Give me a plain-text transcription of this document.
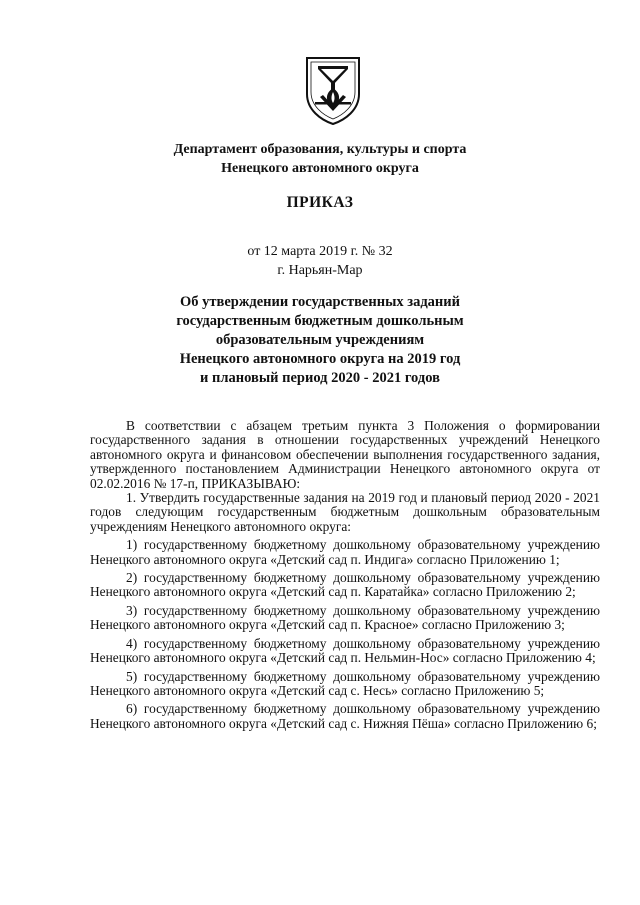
Департамент образования, культуры и спорта
Ненецкого автономного округа
ПРИКАЗ
от 12 марта 2019 г. № 32
г. Нарьян-Мар
Об утверждении государственных заданий
государственным бюджетным дошкольным
образовательным учреждениям
Ненецкого автономного округа на 2019 год
и плановый период 2020 - 2021 годов

В соответствии с абзацем третьим пункта 3 Положения о формировании государственного задания в отношении государственных учреждений Ненецкого автономного округа и финансовом обеспечении выполнения государственного задания, утвержденного постановлением Администрации Ненецкого автономного округа от 02.02.2016 № 17-п, ПРИКАЗЫВАЮ:

1. Утвердить государственные задания на 2019 год и плановый период 2020 - 2021 годов следующим государственным бюджетным дошкольным образовательным учреждениям Ненецкого автономного округа:

1) государственному бюджетному дошкольному образовательному учреждению Ненецкого автономного округа «Детский сад п. Индига» согласно Приложению 1;

2) государственному бюджетному дошкольному образовательному учреждению Ненецкого автономного округа «Детский сад п. Каратайка» согласно Приложению 2;

3) государственному бюджетному дошкольному образовательному учреждению Ненецкого автономного округа «Детский сад п. Красное» согласно Приложению 3;

4) государственному бюджетному дошкольному образовательному учреждению Ненецкого автономного округа «Детский сад п. Нельмин-Нос» согласно Приложению 4;

5) государственному бюджетному дошкольному образовательному учреждению Ненецкого автономного округа «Детский сад с. Несь» согласно Приложению 5;

6) государственному бюджетному дошкольному образовательному учреждению Ненецкого автономного округа «Детский сад с. Нижняя Пёша» согласно Приложению 6;
